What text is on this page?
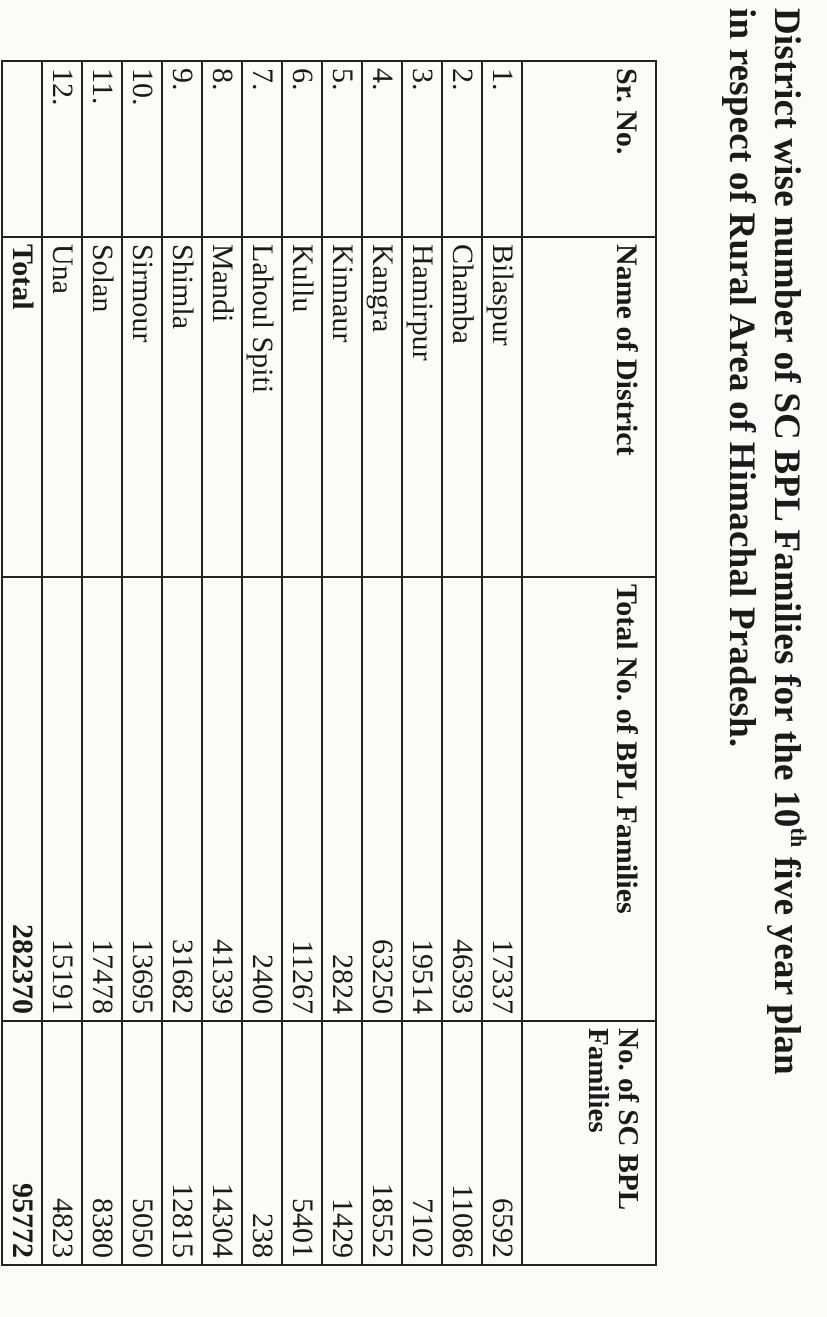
District wise number of SC BPL Families for the 10th five year plan
in respect of Rural Area of Himachal Pradesh.
Sr. No.	Name of District	Total No. of BPL Families	No. of SC BPL Families
1.	Bilaspur	17337	6592
2.	Chamba	46393	11086
3.	Hamirpur	19514	7102
4.	Kangra	63250	18552
5.	Kinnaur	2824	1429
6.	Kullu	11267	5401
7.	Lahoul Spiti	2400	238
8.	Mandi	41339	14304
9.	Shimla	31682	12815
10.	Sirmour	13695	5050
11.	Solan	17478	8380
12.	Una	15191	4823
	Total	282370	95772
